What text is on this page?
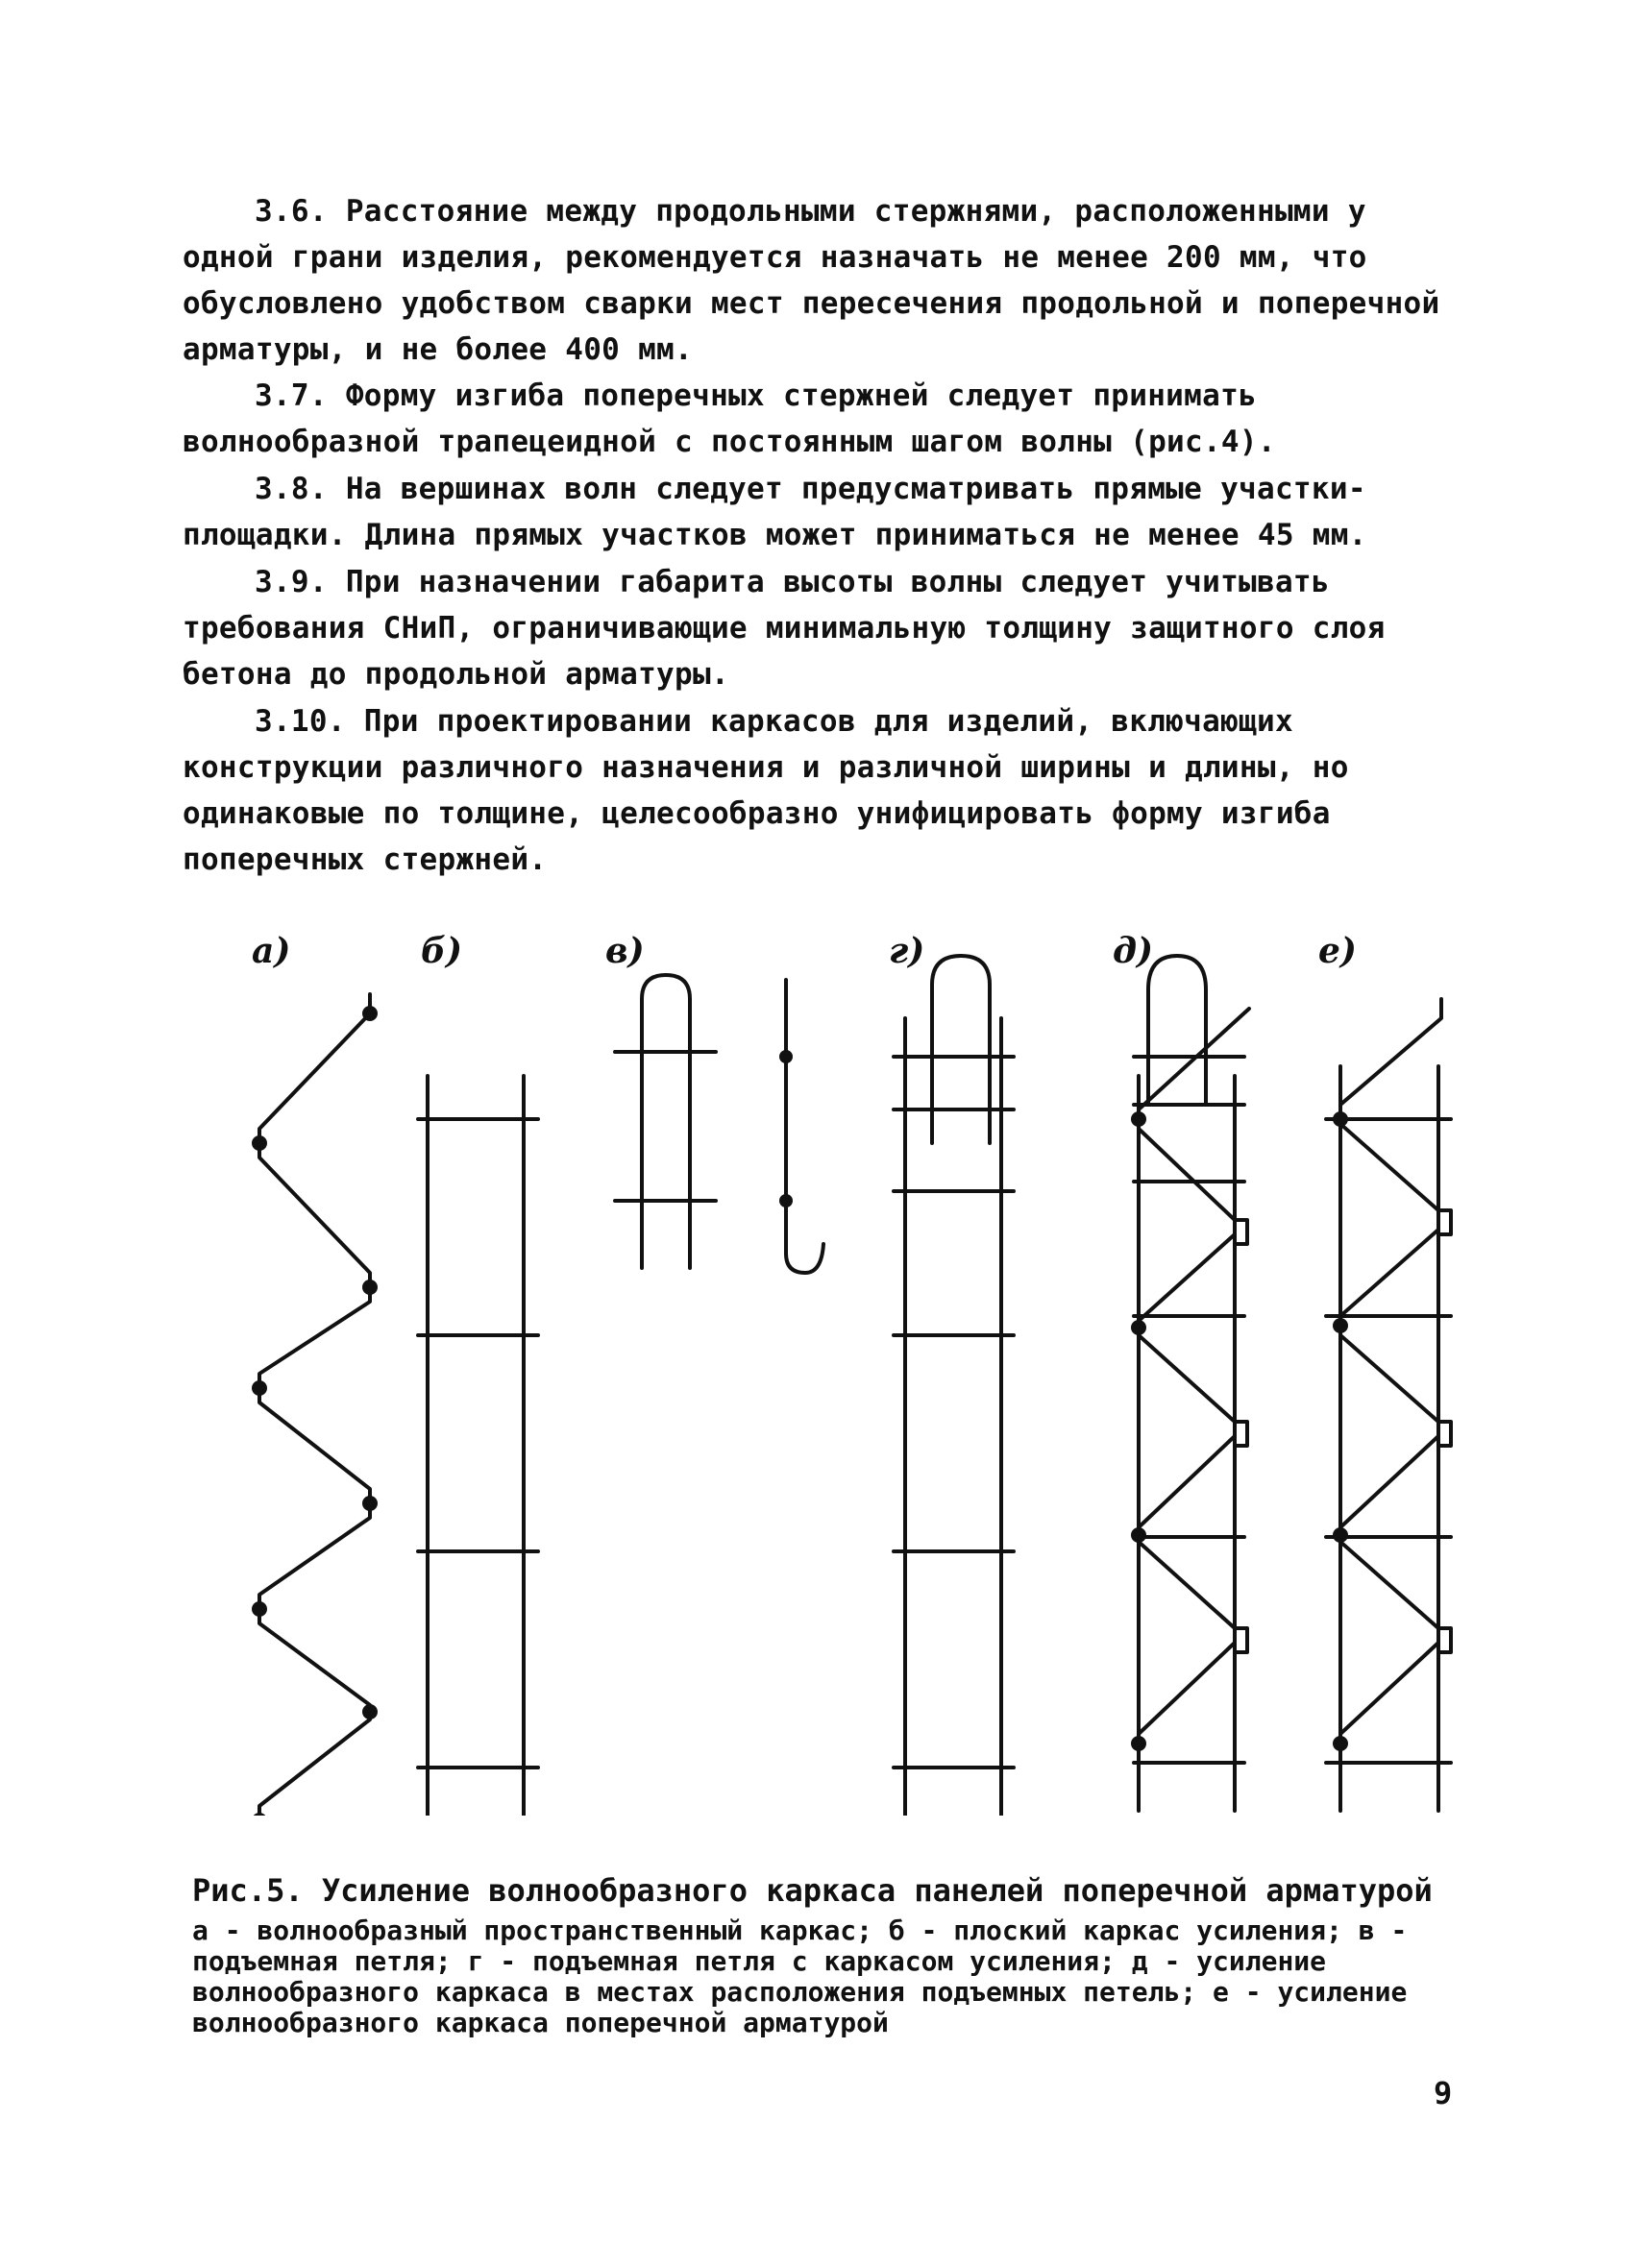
3.6. Расстояние между продольными стержнями, расположенными у одной грани изделия, рекомендуется назначать не менее 200 мм, что обусловлено удобством сварки мест пересечения продольной и поперечной арматуры, и не более 400 мм.

3.7. Форму изгиба поперечных стержней следует принимать волнообразной трапецеидной с постоянным шагом волны (рис.4).

3.8. На вершинах волн следует предусматривать прямые участки-площадки. Длина прямых участков может приниматься не менее 45 мм.

3.9. При назначении габарита высоты волны следует учитывать требования СНиП, ограничивающие минимальную толщину защитного слоя бетона до продольной арматуры.

3.10. При проектировании каркасов для изделий, включающих конструкции различного назначения и различной ширины и длины, но одинаковые по толщине, целесообразно унифицировать форму изгиба поперечных стержней.

а)	б)	в)	г)	д)	е)

Рис.5. Усиление волнообразного каркаса панелей поперечной арматурой

а - волнообразный пространственный каркас; б - плоский каркас усиления; в - подъемная петля; г - подъемная петля с каркасом усиления; д - усиление волнообразного каркаса в местах расположения подъемных петель; е - усиление волнообразного каркаса поперечной арматурой

9
